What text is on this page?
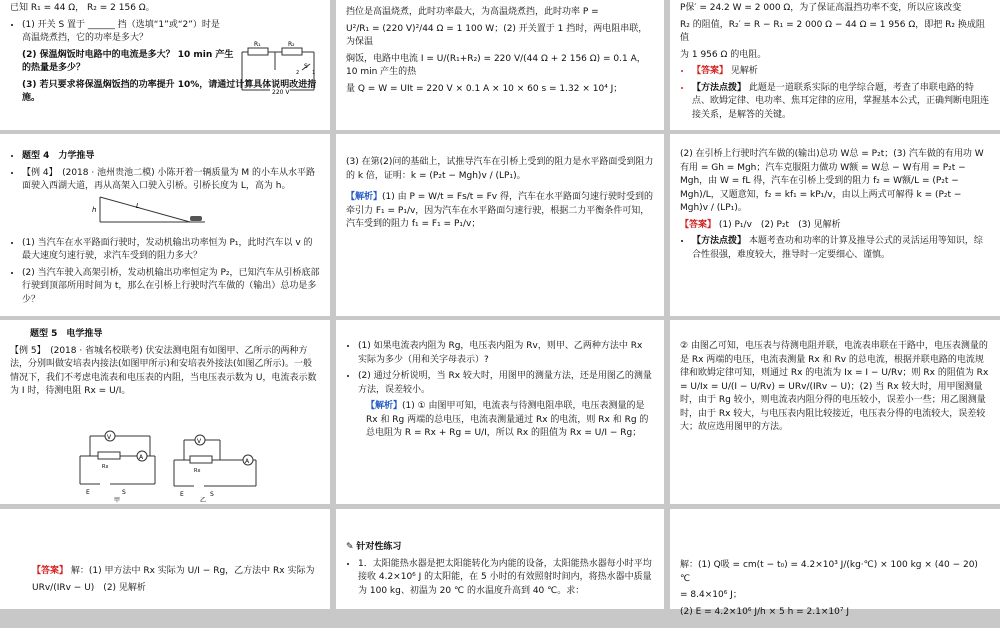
已知 R₁ = 44 Ω， R₂ = 2 156 Ω。

• (1) 开关 S 置于 ______ 挡（选填“1”或“2”）时是高温烧煮挡，它的功率是多大？

(2) 保温焖饭时电路中的电流是多大？ 10 min 产生的热量是多少？

(3) 若只要求将保温焖饭挡的功率提升 10%，请通过计算具体说明改进措施。

R₁	R₂
S
1
2
220 V

挡位是高温烧煮，此时功率最大，为高温烧煮挡，此时功率 P =

U²/R₁ = (220 V)²/44 Ω = 1 100 W；(2) 开关置于 1 挡时，两电阻串联，为保温

焖饭，电路中电流 I = U/(R₁+R₂) = 220 V/(44 Ω + 2 156 Ω) = 0.1 A，10 min 产生的热

量 Q = W = UIt = 220 V × 0.1 A × 10 × 60 s = 1.32 × 10⁴ J；

P保′ = 24.2 W = 2 000 Ω，为了保证高温挡功率不变，所以应该改变

R₂ 的阻值，R₂′ = R − R₁ = 2 000 Ω − 44 Ω = 1 956 Ω，即把 R₂ 换成阻值

为 1 956 Ω 的电阻。

• 【答案】 见解析
• 【方法点拨】 此题是一道联系实际的电学综合题，考查了串联电路的特点、欧姆定律、电功率、焦耳定律的应用，掌握基本公式，正确判断电阻连接关系，是解答的关键。
• 题型 4　力学推导
• 【例 4】　(2018 · 池州贵池二模) 小陈开着一辆质量为 M 的小车从水平路面驶入西湖大道，再从高架入口驶入引桥。引桥长度为 L，高为 h。
• (1) 当汽车在水平路面行驶时，发动机输出功率恒为 P₁，此时汽车以 v 的最大速度匀速行驶，求汽车受到的阻力多大？
• (2) 当汽车驶入高架引桥，发动机输出功率恒定为 P₂，已知汽车从引桥底部行驶到顶部所用时间为 t，那么在引桥上行驶时汽车做的（输出）总功是多少？
h	L

(3) 在第(2)问的基础上，试推导汽车在引桥上受到的阻力是水平路面受到阻力的 k 倍，证明：k = (P₂t − Mgh)v / (LP₁)。

【解析】(1) 由 P = W/t = Fs/t = Fv 得，汽车在水平路面匀速行驶时受到的牵引力 F₁ = P₁/v，因为汽车在水平路面匀速行驶，根据二力平衡条件可知，汽车受到的阻力 f₁ = F₁ = P₁/v；

(2) 在引桥上行驶时汽车做的(输出)总功 W总 = P₂t；(3) 汽车做的有用功 W有用 = Gh = Mgh；汽车克服阻力做功 W额 = W总 − W有用 = P₂t − Mgh，由 W = fL 得，汽车在引桥上受到的阻力 f₂ = W额/L = (P₂t − Mgh)/L，又题意知，f₂ = kf₁ = kP₁/v，由以上两式可解得 k = (P₂t − Mgh)v / (LP₁)。

【答案】 (1) P₁/v　(2) P₂t　(3) 见解析

• 【方法点拨】 本题考查功和功率的计算及推导公式的灵活运用等知识，综合性很强，难度较大，推导时一定要细心、谨慎。

题型 5　电学推导

【例 5】　(2018 · 省城名校联考) 伏安法测电阻有如图甲、乙所示的两种方法，分别叫做安培表内接法(如图甲所示)和安培表外接法(如图乙所示)。一般情况下，我们不考虑电流表和电压表的内阻，当电压表示数为 U，电流表示数为 I 时，待测电阻 Rx = U/I。

V
A
Rx
E	S
甲
V
A
Rx
E	S
乙
• (1) 如果电流表内阻为 Rg，电压表内阻为 Rv，则甲、乙两种方法中 Rx 实际为多少（用和关字母表示）?
• (2) 通过分析说明，当 Rx 较大时，用图甲的测量方法，还是用图乙的测量方法，误差较小。

【解析】(1) ① 由图甲可知，电流表与待测电阻串联，电压表测量的是 Rx 和 Rg 两端的总电压，电流表测量通过 Rx 的电流，则 Rx 和 Rg 的总电阻为 R = Rx + Rg = U/I，所以 Rx 的阻值为 Rx = U/I − Rg；

② 由图乙可知，电压表与待测电阻并联，电流表串联在干路中，电压表测量的是 Rx 两端的电压，电流表测量 Rx 和 Rv 的总电流，根据并联电路的电流规律和欧姆定律可知，则通过 Rx 的电流为 Ix = I − U/Rv；则 Rx 的阻值为 Rx = U/Ix = U/(I − U/Rv) = URv/(IRv − U)；(2) 当 Rx 较大时，用甲图测量时，由于 Rg 较小，则电流表内阻分得的电压较小，误差小一些；用乙图测量时，由于 Rx 较大，与电压表内阻比较接近，电压表分得的电流较大，误差较大；故应选用图甲的方法。

【答案】 解：(1) 甲方法中 Rx 实际为 U/I − Rg，乙方法中 Rx 实际为

URv/(IRv − U)　(2) 见解析

✎ 针对性练习

• 1．太阳能热水器是把太阳能转化为内能的设备，太阳能热水器每小时平均接收 4.2×10⁶ J 的太阳能，在 5 小时的有效照射时间内，将热水器中质量为 100 kg、初温为 20 ℃ 的水温度升高到 40 ℃。求：

解：(1) Q吸 = cm(t − t₀) = 4.2×10³ J/(kg·℃) × 100 kg × (40 − 20) ℃

= 8.4×10⁶ J；

(2) E = 4.2×10⁶ J/h × 5 h = 2.1×10⁷ J
